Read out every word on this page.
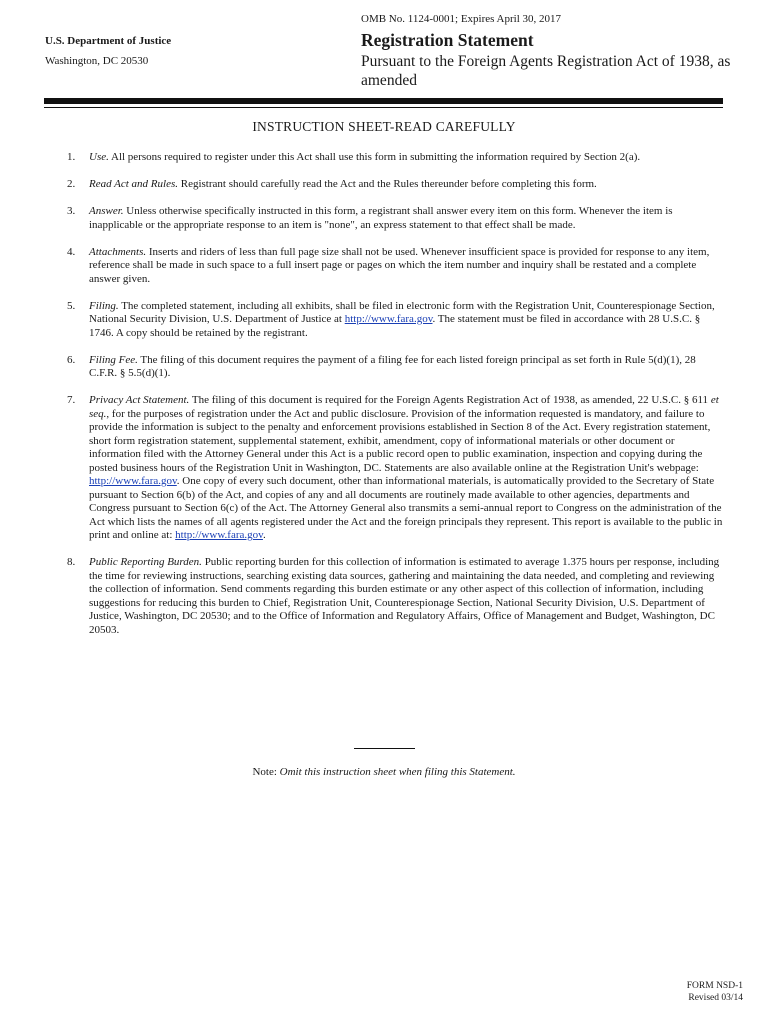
OMB No. 1124-0001; Expires April 30, 2017
U.S. Department of Justice
Washington, DC 20530
Registration Statement
Pursuant to the Foreign Agents Registration Act of 1938, as amended
INSTRUCTION SHEET-READ CAREFULLY
1. Use. All persons required to register under this Act shall use this form in submitting the information required by Section 2(a).
2. Read Act and Rules. Registrant should carefully read the Act and the Rules thereunder before completing this form.
3. Answer. Unless otherwise specifically instructed in this form, a registrant shall answer every item on this form. Whenever the item is inapplicable or the appropriate response to an item is "none", an express statement to that effect shall be made.
4. Attachments. Inserts and riders of less than full page size shall not be used. Whenever insufficient space is provided for response to any item, reference shall be made in such space to a full insert page or pages on which the item number and inquiry shall be restated and a complete answer given.
5. Filing. The completed statement, including all exhibits, shall be filed in electronic form with the Registration Unit, Counterespionage Section, National Security Division, U.S. Department of Justice at http://www.fara.gov. The statement must be filed in accordance with 28 U.S.C. § 1746. A copy should be retained by the registrant.
6. Filing Fee. The filing of this document requires the payment of a filing fee for each listed foreign principal as set forth in Rule 5(d)(1), 28 C.F.R. § 5.5(d)(1).
7. Privacy Act Statement. The filing of this document is required for the Foreign Agents Registration Act of 1938, as amended, 22 U.S.C. § 611 et seq., for the purposes of registration under the Act and public disclosure. Provision of the information requested is mandatory, and failure to provide the information is subject to the penalty and enforcement provisions established in Section 8 of the Act. Every registration statement, short form registration statement, supplemental statement, exhibit, amendment, copy of informational materials or other document or information filed with the Attorney General under this Act is a public record open to public examination, inspection and copying during the posted business hours of the Registration Unit in Washington, DC. Statements are also available online at the Registration Unit's webpage: http://www.fara.gov. One copy of every such document, other than informational materials, is automatically provided to the Secretary of State pursuant to Section 6(b) of the Act, and copies of any and all documents are routinely made available to other agencies, departments and Congress pursuant to Section 6(c) of the Act. The Attorney General also transmits a semi-annual report to Congress on the administration of the Act which lists the names of all agents registered under the Act and the foreign principals they represent. This report is available to the public in print and online at: http://www.fara.gov.
8. Public Reporting Burden. Public reporting burden for this collection of information is estimated to average 1.375 hours per response, including the time for reviewing instructions, searching existing data sources, gathering and maintaining the data needed, and completing and reviewing the collection of information. Send comments regarding this burden estimate or any other aspect of this collection of information, including suggestions for reducing this burden to Chief, Registration Unit, Counterespionage Section, National Security Division, U.S. Department of Justice, Washington, DC 20530; and to the Office of Information and Regulatory Affairs, Office of Management and Budget, Washington, DC 20503.
Note: Omit this instruction sheet when filing this Statement.
FORM NSD-1
Revised 03/14
